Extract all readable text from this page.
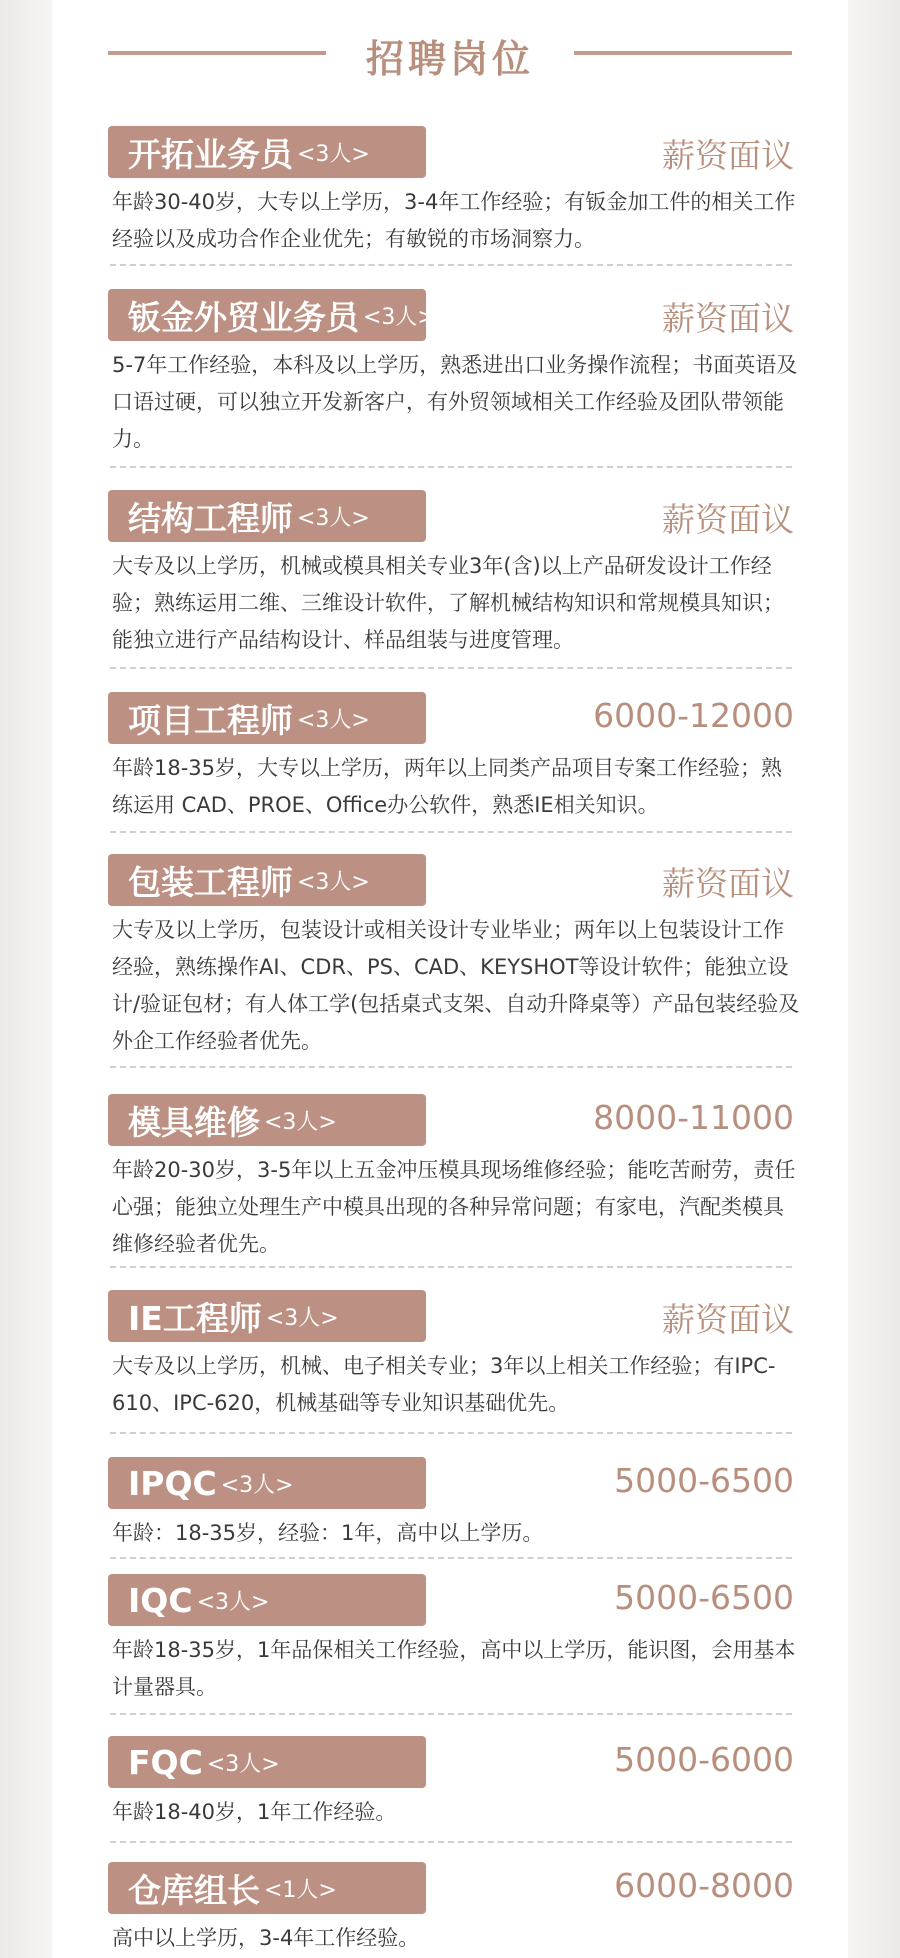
招聘岗位
开拓业务员 <3人>	薪资面议
年龄30-40岁，大专以上学历，3-4年工作经验；有钣金加工件的相关工作经验以及成功合作企业优先；有敏锐的市场洞察力。
钣金外贸业务员 <3人>	薪资面议
5-7年工作经验，本科及以上学历，熟悉进出口业务操作流程；书面英语及口语过硬，可以独立开发新客户，有外贸领域相关工作经验及团队带领能力。
结构工程师 <3人>	薪资面议
大专及以上学历，机械或模具相关专业3年(含)以上产品研发设计工作经验；熟练运用二维、三维设计软件，了解机械结构知识和常规模具知识；能独立进行产品结构设计、样品组装与进度管理。
项目工程师 <3人>	6000-12000
年龄18-35岁，大专以上学历，两年以上同类产品项目专案工作经验；熟练运用 CAD、PROE、Office办公软件，熟悉IE相关知识。
包装工程师 <3人>	薪资面议
大专及以上学历，包装设计或相关设计专业毕业；两年以上包装设计工作经验，熟练操作AI、CDR、PS、CAD、KEYSHOT等设计软件；能独立设计/验证包材；有人体工学(包括桌式支架、自动升降桌等）产品包装经验及外企工作经验者优先。
模具维修 <3人>	8000-11000
年龄20-30岁，3-5年以上五金冲压模具现场维修经验；能吃苦耐劳，责任心强；能独立处理生产中模具出现的各种异常问题；有家电，汽配类模具维修经验者优先。
IE工程师 <3人>	薪资面议
大专及以上学历，机械、电子相关专业；3年以上相关工作经验；有IPC-610、IPC-620，机械基础等专业知识基础优先。
IPQC <3人>	5000-6500
年龄：18-35岁，经验：1年，高中以上学历。
IQC <3人>	5000-6500
年龄18-35岁，1年品保相关工作经验，高中以上学历，能识图，会用基本计量器具。
FQC <3人>	5000-6000
年龄18-40岁，1年工作经验。
仓库组长 <1人>	6000-8000
高中以上学历，3-4年工作经验。
